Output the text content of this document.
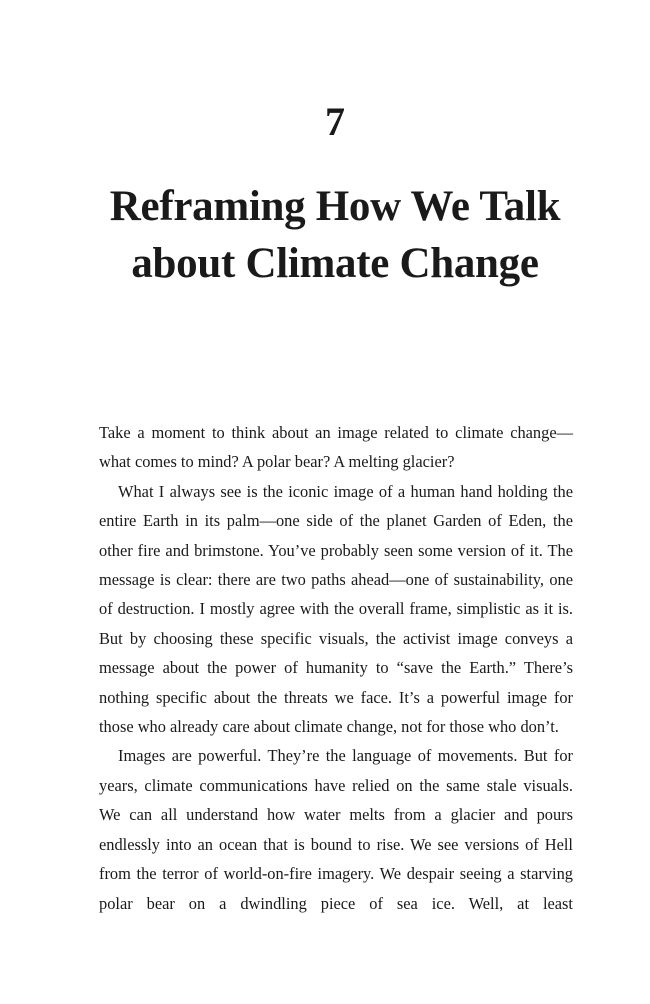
7
Reframing How We Talk
about Climate Change

Take a moment to think about an image related to climate change—what comes to mind? A polar bear? A melting glacier?

What I always see is the iconic image of a human hand holding the entire Earth in its palm—one side of the planet Garden of Eden, the other fire and brimstone. You’ve probably seen some version of it. The message is clear: there are two paths ahead—one of sustainability, one of destruction. I mostly agree with the overall frame, simplistic as it is. But by choosing these specific visuals, the activist image conveys a message about the power of humanity to “save the Earth.” There’s nothing specific about the threats we face. It’s a powerful image for those who already care about climate change, not for those who don’t.

Images are powerful. They’re the language of movements. But for years, climate communications have relied on the same stale visuals. We can all understand how water melts from a glacier and pours endlessly into an ocean that is bound to rise. We see versions of Hell from the terror of world-on-fire imagery. We despair seeing a starving polar bear on a dwindling piece of sea ice. Well, at least
